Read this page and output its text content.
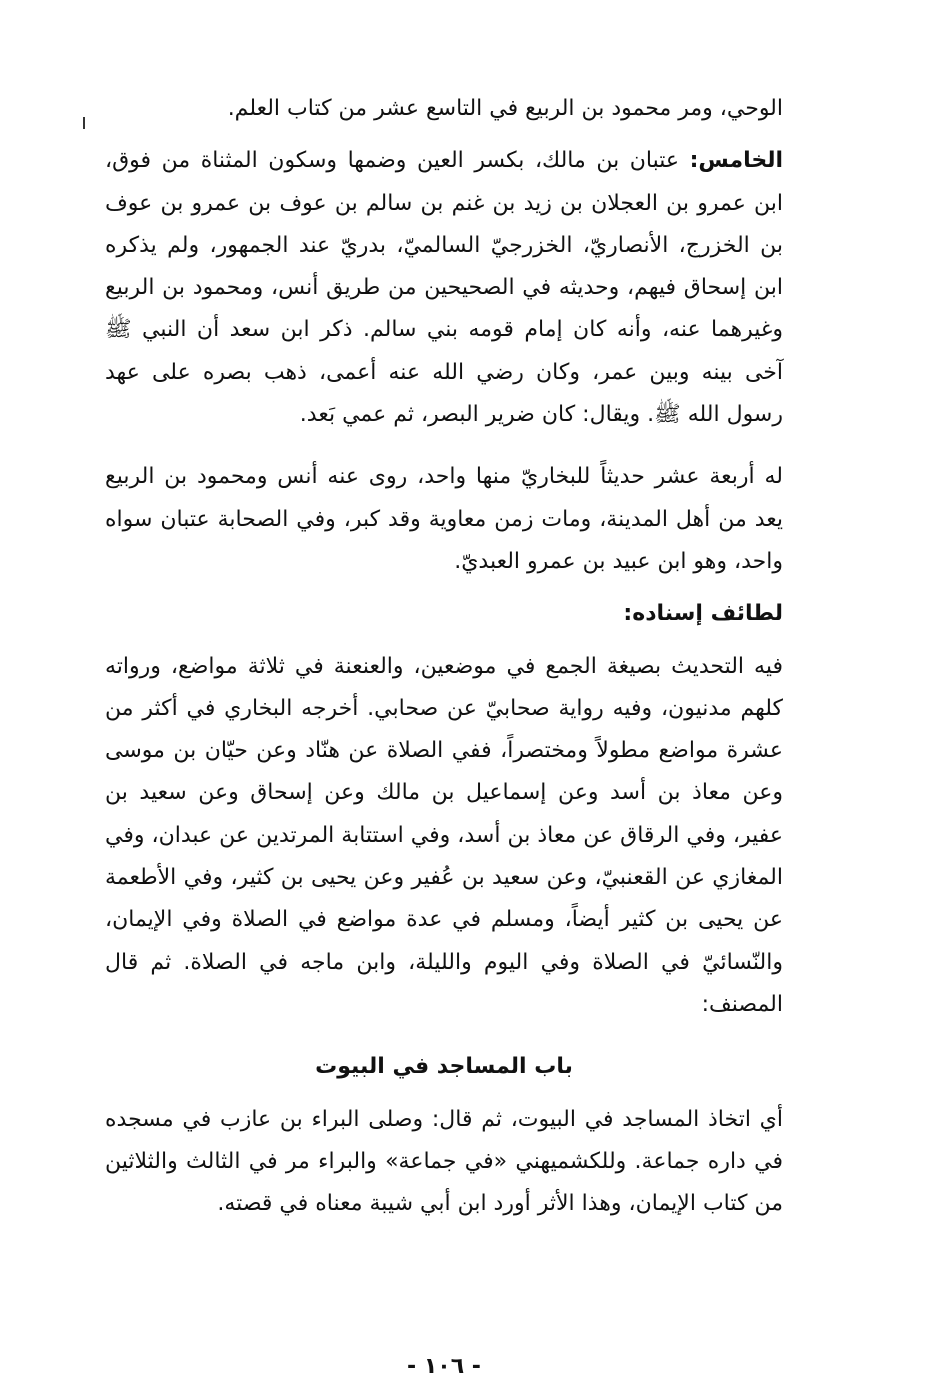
الوحي، ومر محمود بن الربيع في التاسع عشر من كتاب العلم.

الخامس: عتبان بن مالك، بكسر العين وضمها وسكون المثناة من فوق، ابن عمرو بن العجلان بن زيد بن غنم بن سالم بن عوف بن عمرو بن عوف بن الخزرج، الأنصاريّ، الخزرجيّ السالميّ، بدريّ عند الجمهور، ولم يذكره ابن إسحاق فيهم، وحديثه في الصحيحين من طريق أنس، ومحمود بن الربيع وغيرهما عنه، وأنه كان إمام قومه بني سالم. ذكر ابن سعد أن النبي ﷺ آخى بينه وبين عمر، وكان رضي الله عنه أعمى، ذهب بصره على عهد رسول الله ﷺ. ويقال: كان ضرير البصر، ثم عمي بَعد.

له أربعة عشر حديثاً للبخاريّ منها واحد، روى عنه أنس ومحمود بن الربيع يعد من أهل المدينة، ومات زمن معاوية وقد كبر، وفي الصحابة عتبان سواه واحد، وهو ابن عبيد بن عمرو العبديّ.

لطائف إسناده:

فيه التحديث بصيغة الجمع في موضعين، والعنعنة في ثلاثة مواضع، ورواته كلهم مدنيون، وفيه رواية صحابيّ عن صحابي. أخرجه البخاري في أكثر من عشرة مواضع مطولاً ومختصراً، ففي الصلاة عن هنّاد وعن حيّان بن موسى وعن معاذ بن أسد وعن إسماعيل بن مالك وعن إسحاق وعن سعيد بن عفير، وفي الرقاق عن معاذ بن أسد، وفي استتابة المرتدين عن عبدان، وفي المغازي عن القعنبيّ، وعن سعيد بن عُفير وعن يحيى بن كثير، وفي الأطعمة عن يحيى بن كثير أيضاً، ومسلم في عدة مواضع في الصلاة وفي الإيمان، والنّسائيّ في الصلاة وفي اليوم والليلة، وابن ماجه في الصلاة. ثم قال المصنف:

باب المساجد في البيوت

أي اتخاذ المساجد في البيوت، ثم قال: وصلى البراء بن عازب في مسجده في داره جماعة. وللكشميهني «في جماعة» والبراء مر في الثالث والثلاثين من كتاب الإيمان، وهذا الأثر أورد ابن أبي شيبة معناه في قصته.

- ١٠٦ -
